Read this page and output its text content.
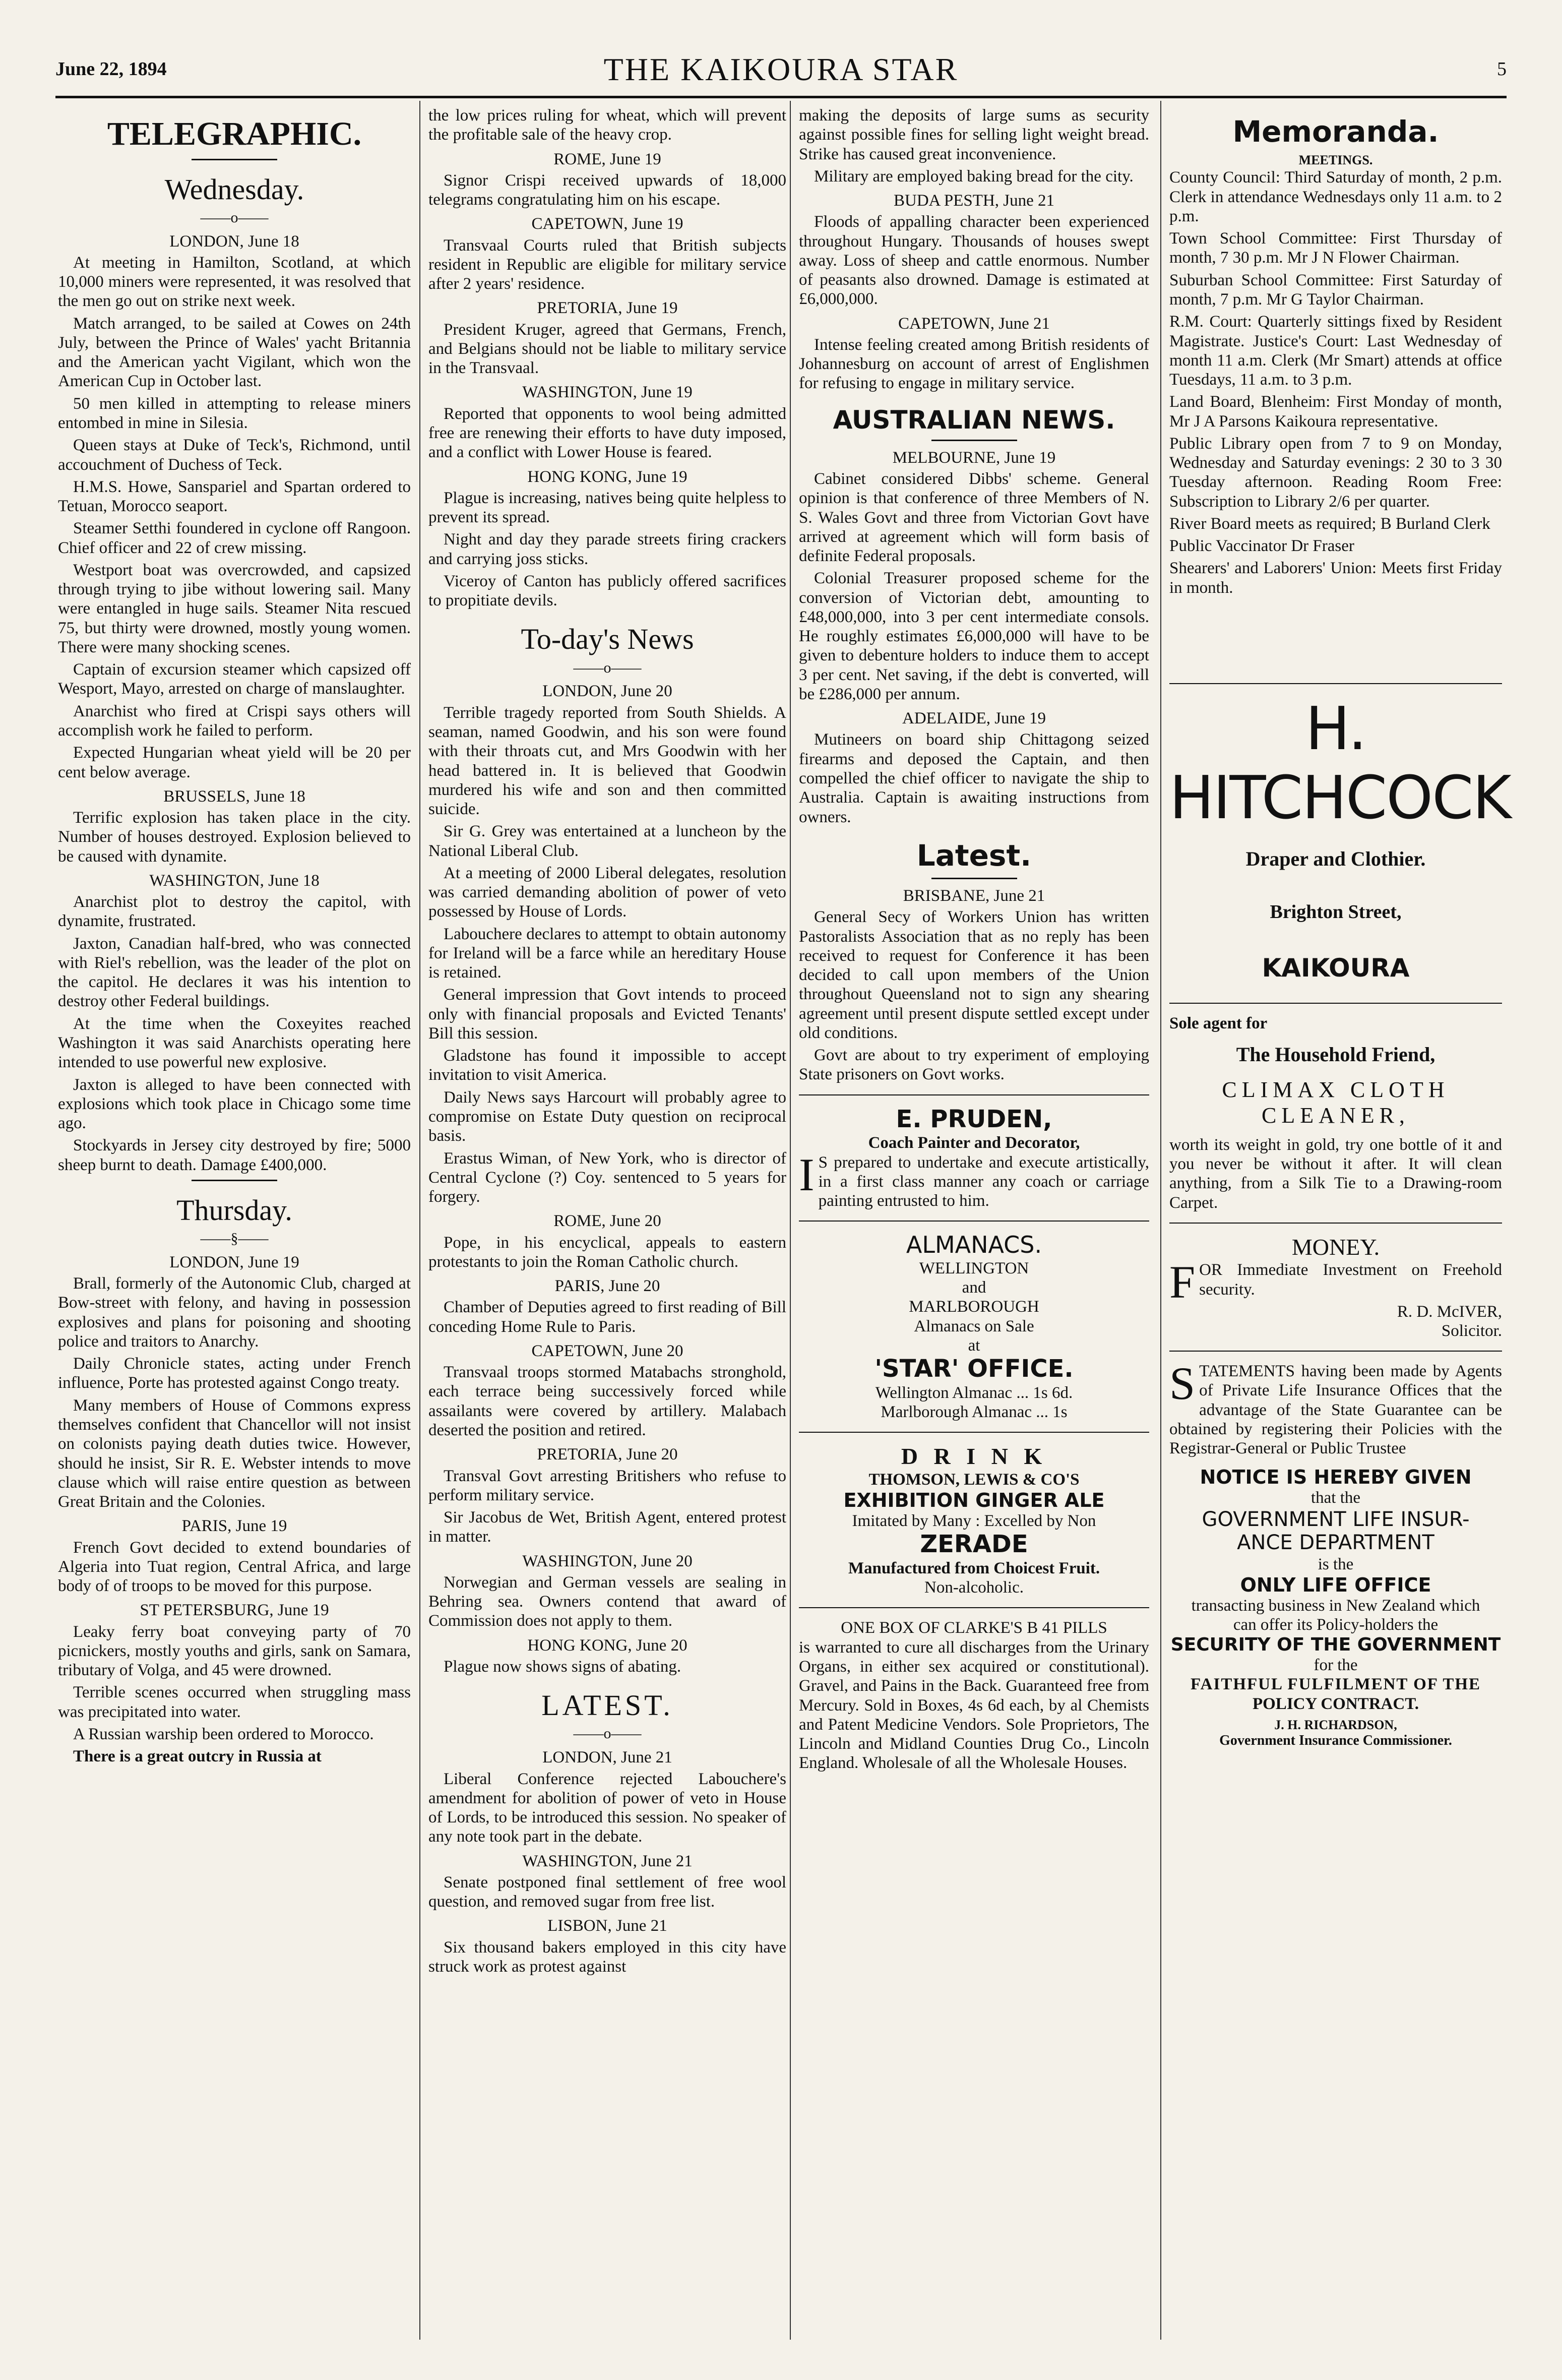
June 22, 1894	THE KAIKOURA STAR	5
TELEGRAPHIC.
Wednesday.
——o——
LONDON, June 18

At meeting in Hamilton, Scotland, at which 10,000 miners were represented, it was resolved that the men go out on strike next week.

Match arranged, to be sailed at Cowes on 24th July, between the Prince of Wales' yacht Britannia and the American yacht Vigilant, which won the American Cup in October last.

50 men killed in attempting to release miners entombed in mine in Silesia.

Queen stays at Duke of Teck's, Richmond, until accouchment of Duchess of Teck.

H.M.S. Howe, Sanspariel and Spartan ordered to Tetuan, Morocco seaport.

Steamer Setthi foundered in cyclone off Rangoon. Chief officer and 22 of crew missing.

Westport boat was overcrowded, and capsized through trying to jibe without lowering sail. Many were entangled in huge sails. Steamer Nita rescued 75, but thirty were drowned, mostly young women. There were many shocking scenes.

Captain of excursion steamer which capsized off Wesport, Mayo, arrested on charge of manslaughter.

Anarchist who fired at Crispi says others will accomplish work he failed to perform.

Expected Hungarian wheat yield will be 20 per cent below average.

BRUSSELS, June 18

Terrific explosion has taken place in the city. Number of houses destroyed. Explosion believed to be caused with dynamite.

WASHINGTON, June 18

Anarchist plot to destroy the capitol, with dynamite, frustrated.

Jaxton, Canadian half-bred, who was connected with Riel's rebellion, was the leader of the plot on the capitol. He declares it was his intention to destroy other Federal buildings.

At the time when the Coxeyites reached Washington it was said Anarchists operating here intended to use powerful new explosive.

Jaxton is alleged to have been connected with explosions which took place in Chicago some time ago.

Stockyards in Jersey city destroyed by fire; 5000 sheep burnt to death. Damage £400,000.

Thursday.
——§——
LONDON, June 19

Brall, formerly of the Autonomic Club, charged at Bow-street with felony, and having in possession explosives and plans for poisoning and shooting police and traitors to Anarchy.

Daily Chronicle states, acting under French influence, Porte has protested against Congo treaty.

Many members of House of Commons express themselves confident that Chancellor will not insist on colonists paying death duties twice. However, should he insist, Sir R. E. Webster intends to move clause which will raise entire question as between Great Britain and the Colonies.

PARIS, June 19

French Govt decided to extend boundaries of Algeria into Tuat region, Central Africa, and large body of of troops to be moved for this purpose.

ST PETERSBURG, June 19

Leaky ferry boat conveying party of 70 picnickers, mostly youths and girls, sank on Samara, tributary of Volga, and 45 were drowned.

Terrible scenes occurred when struggling mass was precipitated into water.

A Russian warship been ordered to Morocco.

There is a great outcry in Russia at

the low prices ruling for wheat, which will prevent the profitable sale of the heavy crop.

ROME, June 19

Signor Crispi received upwards of 18,000 telegrams congratulating him on his escape.

CAPETOWN, June 19

Transvaal Courts ruled that British subjects resident in Republic are eligible for military service after 2 years' residence.

PRETORIA, June 19

President Kruger, agreed that Germans, French, and Belgians should not be liable to military service in the Transvaal.

WASHINGTON, June 19

Reported that opponents to wool being admitted free are renewing their efforts to have duty imposed, and a conflict with Lower House is feared.

HONG KONG, June 19

Plague is increasing, natives being quite helpless to prevent its spread.

Night and day they parade streets firing crackers and carrying joss sticks.

Viceroy of Canton has publicly offered sacrifices to propitiate devils.

To-day's News
——o——
LONDON, June 20

Terrible tragedy reported from South Shields. A seaman, named Goodwin, and his son were found with their throats cut, and Mrs Goodwin with her head battered in. It is believed that Goodwin murdered his wife and son and then committed suicide.

Sir G. Grey was entertained at a luncheon by the National Liberal Club.

At a meeting of 2000 Liberal delegates, resolution was carried demanding abolition of power of veto possessed by House of Lords.

Labouchere declares to attempt to obtain autonomy for Ireland will be a farce while an hereditary House is retained.

General impression that Govt intends to proceed only with financial proposals and Evicted Tenants' Bill this session.

Gladstone has found it impossible to accept invitation to visit America.

Daily News says Harcourt will probably agree to compromise on Estate Duty question on reciprocal basis.

Erastus Wiman, of New York, who is director of Central Cyclone (?) Coy. sentenced to 5 years for forgery.

ROME, June 20

Pope, in his encyclical, appeals to eastern protestants to join the Roman Catholic church.

PARIS, June 20

Chamber of Deputies agreed to first reading of Bill conceding Home Rule to Paris.

CAPETOWN, June 20

Transvaal troops stormed Matabachs stronghold, each terrace being successively forced while assailants were covered by artillery. Malabach deserted the position and retired.

PRETORIA, June 20

Transval Govt arresting Britishers who refuse to perform military service.

Sir Jacobus de Wet, British Agent, entered protest in matter.

WASHINGTON, June 20

Norwegian and German vessels are sealing in Behring sea. Owners contend that award of Commission does not apply to them.

HONG KONG, June 20

Plague now shows signs of abating.

LATEST.
——o——
LONDON, June 21

Liberal Conference rejected Labouchere's amendment for abolition of power of veto in House of Lords, to be introduced this session. No speaker of any note took part in the debate.

WASHINGTON, June 21

Senate postponed final settlement of free wool question, and removed sugar from free list.

LISBON, June 21

Six thousand bakers employed in this city have struck work as protest against

making the deposits of large sums as security against possible fines for selling light weight bread. Strike has caused great inconvenience.

Military are employed baking bread for the city.

BUDA PESTH, June 21

Floods of appalling character been experienced throughout Hungary. Thousands of houses swept away. Loss of sheep and cattle enormous. Number of peasants also drowned. Damage is estimated at £6,000,000.

CAPETOWN, June 21

Intense feeling created among British residents of Johannesburg on account of arrest of Englishmen for refusing to engage in military service.

AUSTRALIAN NEWS.
MELBOURNE, June 19

Cabinet considered Dibbs' scheme. General opinion is that conference of three Members of N. S. Wales Govt and three from Victorian Govt have arrived at agreement which will form basis of definite Federal proposals.

Colonial Treasurer proposed scheme for the conversion of Victorian debt, amounting to £48,000,000, into 3 per cent intermediate consols. He roughly estimates £6,000,000 will have to be given to debenture holders to induce them to accept 3 per cent. Net saving, if the debt is converted, will be £286,000 per annum.

ADELAIDE, June 19

Mutineers on board ship Chittagong seized firearms and deposed the Captain, and then compelled the chief officer to navigate the ship to Australia. Captain is awaiting instructions from owners.

Latest.
BRISBANE, June 21

General Secy of Workers Union has written Pastoralists Association that as no reply has been received to request for Conference it has been decided to call upon members of the Union throughout Queensland not to sign any shearing agreement until present dispute settled except under old conditions.

Govt are about to try experiment of employing State prisoners on Govt works.

E. PRUDEN,
Coach Painter and Decorator,
I S prepared to undertake and execute artistically, in a first class manner any coach or carriage painting entrusted to him.
ALMANACS.
WELLINGTON
and
MARLBOROUGH
Almanacs on Sale
at
'STAR' OFFICE.
Wellington Almanac ... 1s 6d.
Marlborough Almanac ... 1s
D R I N K
THOMSON, LEWIS & CO'S
EXHIBITION GINGER ALE
Imitated by Many : Excelled by Non
ZERADE
Manufactured from Choicest Fruit.
Non-alcoholic.
ONE BOX OF CLARKE'S B 41 PILLS

is warranted to cure all discharges from the Urinary Organs, in either sex acquired or constitutional). Gravel, and Pains in the Back. Guaranteed free from Mercury. Sold in Boxes, 4s 6d each, by al Chemists and Patent Medicine Vendors. Sole Proprietors, The Lincoln and Midland Counties Drug Co., Lincoln England. Wholesale of all the Wholesale Houses.

Memoranda.
MEETINGS.

County Council: Third Saturday of month, 2 p.m. Clerk in attendance Wednesdays only 11 a.m. to 2 p.m.

Town School Committee: First Thursday of month, 7 30 p.m. Mr J N Flower Chairman.

Suburban School Committee: First Saturday of month, 7 p.m. Mr G Taylor Chairman.

R.M. Court: Quarterly sittings fixed by Resident Magistrate. Justice's Court: Last Wednesday of month 11 a.m. Clerk (Mr Smart) attends at office Tuesdays, 11 a.m. to 3 p.m.

Land Board, Blenheim: First Monday of month, Mr J A Parsons Kaikoura representative.

Public Library open from 7 to 9 on Monday, Wednesday and Saturday evenings: 2 30 to 3 30 Tuesday afternoon. Reading Room Free: Subscription to Library 2/6 per quarter.

River Board meets as required; B Burland Clerk

Public Vaccinator Dr Fraser

Shearers' and Laborers' Union: Meets first Friday in month.

H. HITCHCOCK
Draper and Clothier.
Brighton Street,
KAIKOURA
Sole agent for
The Household Friend,
CLIMAX CLOTH
CLEANER,

worth its weight in gold, try one bottle of it and you never be without it after. It will clean anything, from a Silk Tie to a Drawing-room Carpet.

MONEY.
F OR Immediate Investment on Freehold security.
R. D. McIVER,
Solicitor.
S TATEMENTS having been made by Agents of Private Life Insurance Offices that the advantage of the State Guarantee can be obtained by registering their Policies with the Registrar-General or Public Trustee
NOTICE IS HEREBY GIVEN
that the
GOVERNMENT LIFE INSUR-
ANCE DEPARTMENT
is the
ONLY LIFE OFFICE
transacting business in New Zealand which
can offer its Policy-holders the
SECURITY OF THE GOVERNMENT
for the
FAITHFUL FULFILMENT OF THE
POLICY CONTRACT.
J. H. RICHARDSON,
Government Insurance Commissioner.
